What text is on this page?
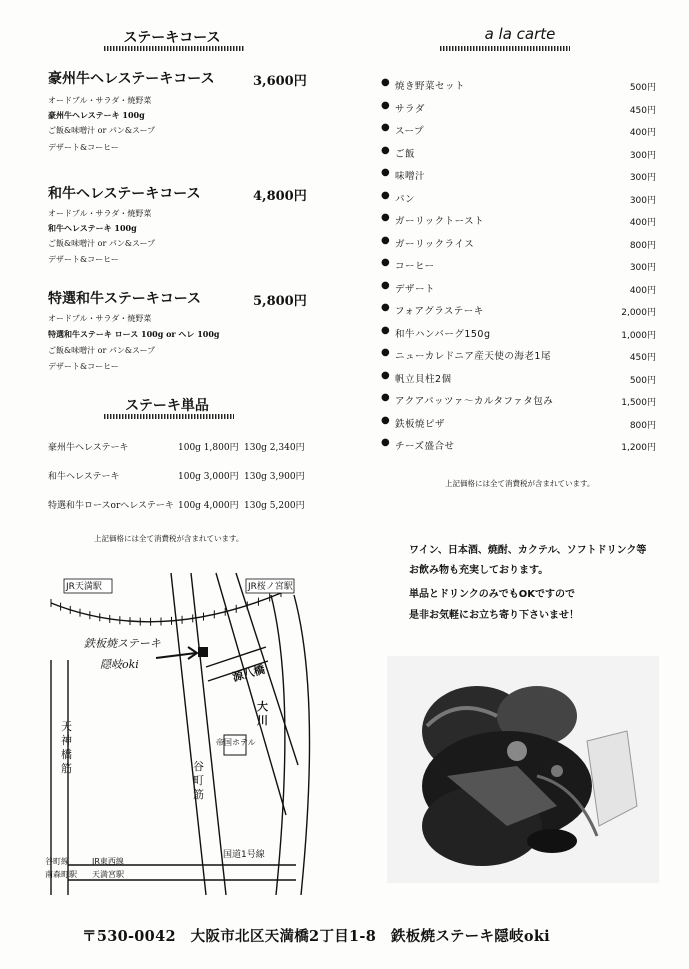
ステーキコース
豪州牛ヘレステーキコース	3,600円
オードブル・サラダ・焼野菜
豪州牛ヘレステーキ 100g
ご飯&味噌汁 or パン&スープ
デザート&コーヒー
和牛ヘレステーキコース	4,800円
オードブル・サラダ・焼野菜
和牛ヘレステーキ 100g
ご飯&味噌汁 or パン&スープ
デザート&コーヒー
特選和牛ステーキコース	5,800円
オードブル・サラダ・焼野菜
特選和牛ステーキ ロース 100g or ヘレ 100g
ご飯&味噌汁 or パン&スープ
デザート&コーヒー
ステーキ単品
豪州牛ヘレステーキ	100g 1,800円 130g 2,340円
和牛ヘレステーキ	100g 3,000円 130g 3,900円
特選和牛ロースorヘレステーキ 100g 4,000円 130g 5,200円
上記価格には全て消費税が含まれています。
a la carte
● 焼き野菜セット	500円
● サラダ	450円
● スープ	400円
● ご飯	300円
● 味噌汁	300円
● パン	300円
● ガーリックトースト	400円
● ガーリックライス	800円
● コーヒー	300円
● デザート	400円
● フォアグラステーキ	2,000円
● 和牛ハンバーグ150g	1,000円
● ニューカレドニア産天使の海老1尾	450円
● 帆立貝柱2個	500円
● アクアパッツァ～カルタファタ包み	1,500円
● 鉄板焼ピザ	800円
● チーズ盛合せ	1,200円
上記価格には全て消費税が含まれています。
ワイン、日本酒、焼酎、カクテル、ソフトドリンク等
お飲み物も充実しております。
単品とドリンクのみでもOKですので
是非お気軽にお立ち寄り下さいませ！
JR天満駅	JR桜ノ宮駅
鉄板焼ステーキ
隠岐oki	源八橋
大川
帝国ホテル
谷町筋
天神橋筋
国道1号線
谷町線	JR東西線
南森町駅 天満宮駅
〒530-0042　大阪市北区天満橋2丁目1-8　鉄板焼ステーキ隠岐oki
